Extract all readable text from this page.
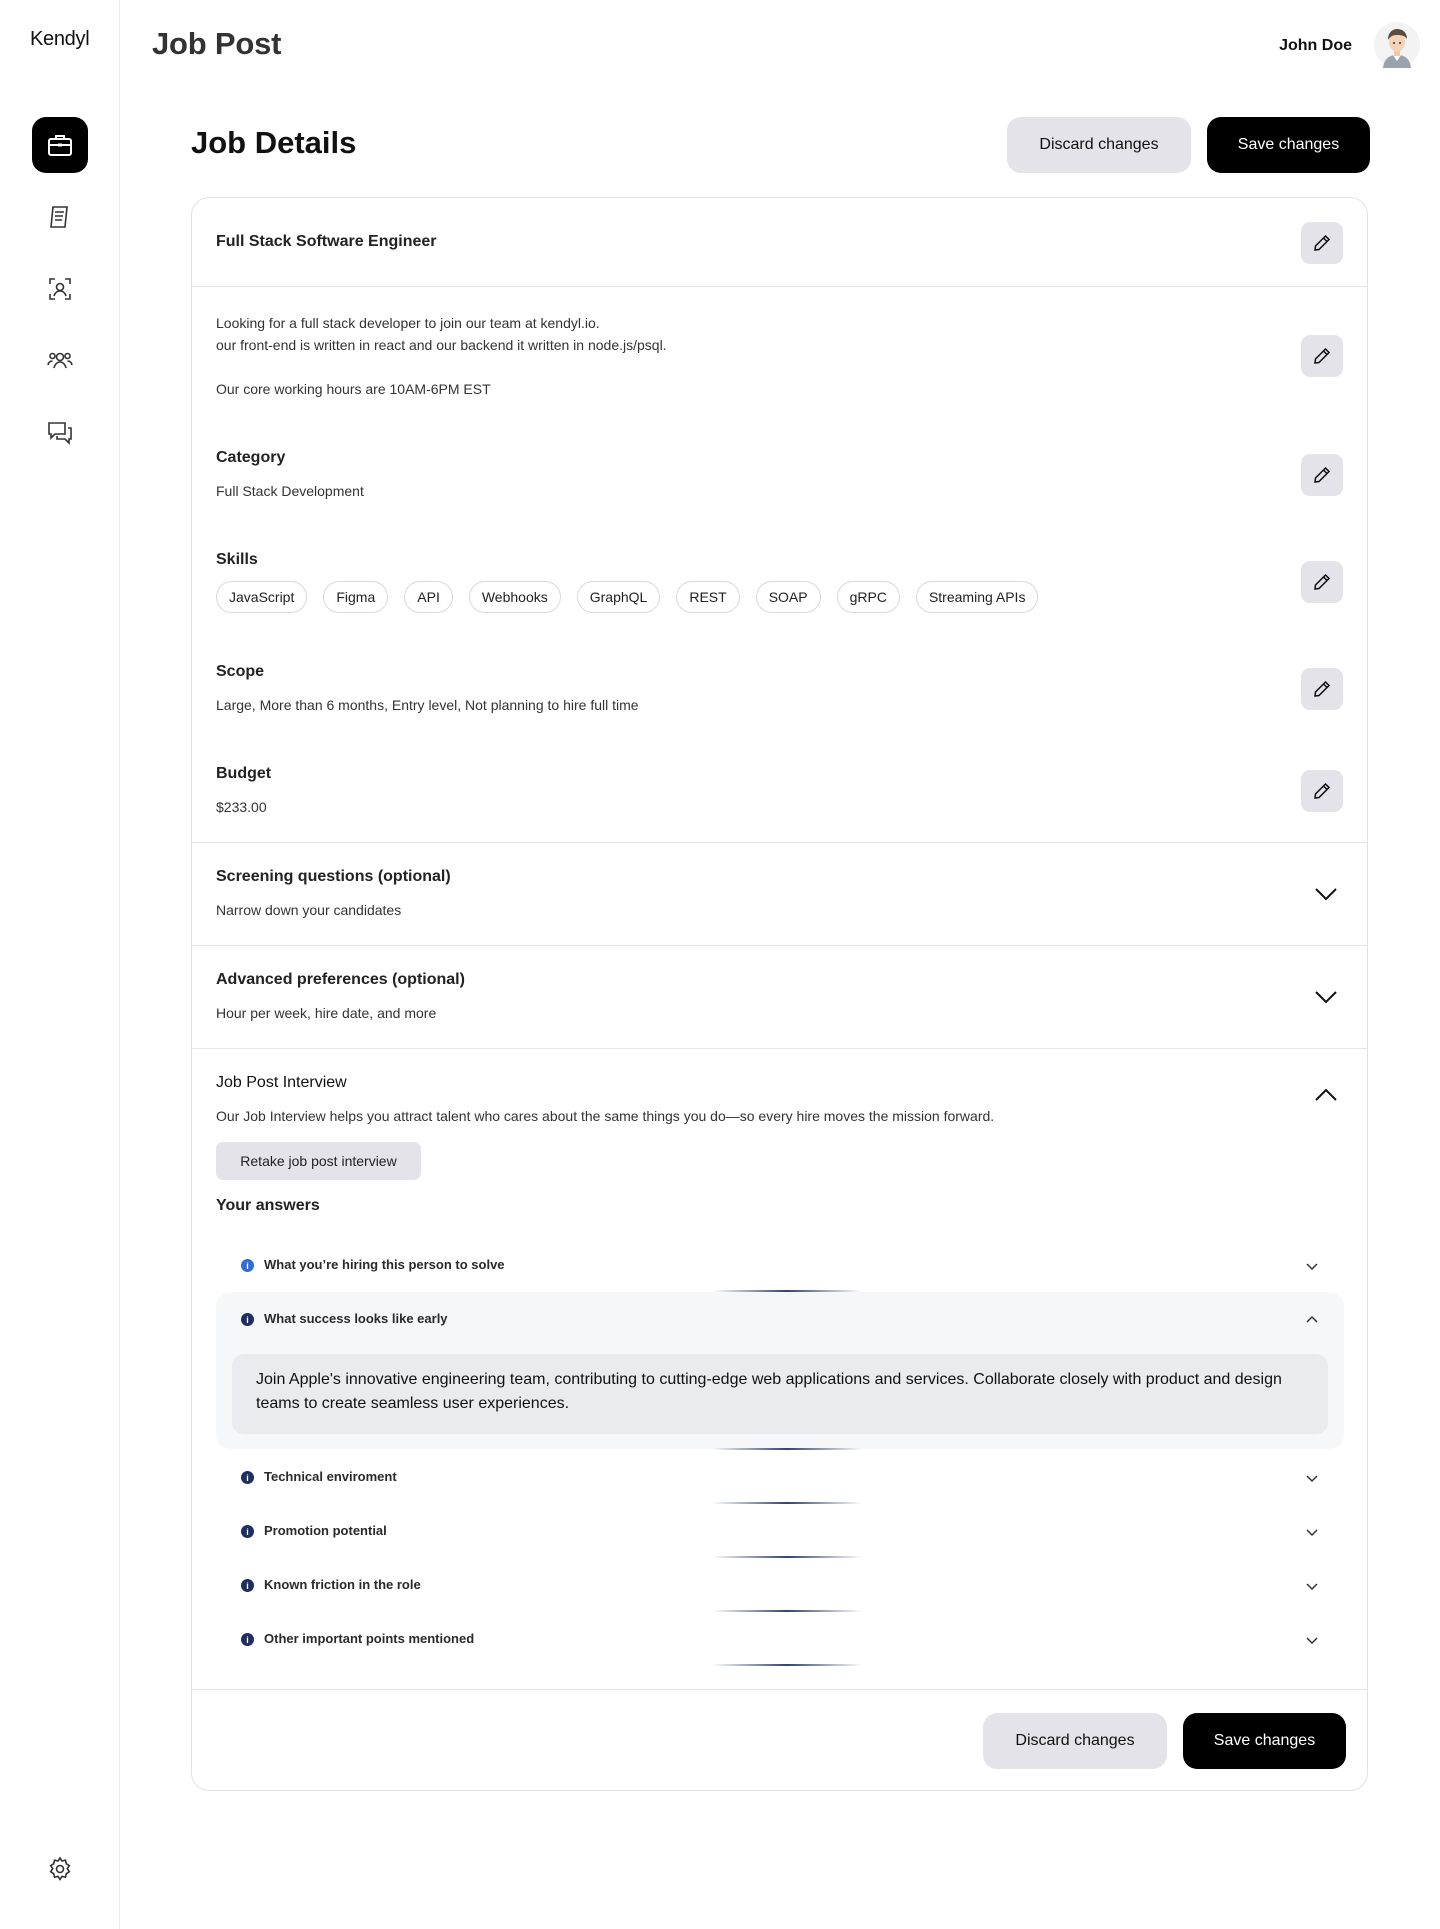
Kendyl Job Post	John Doe
Job Details	Discard changes	Save changes
Full Stack Software Engineer
Looking for a full stack developer to join our team at kendyl.io.
our front-end is written in react and our backend it written in node.js/psql.
Our core working hours are 10AM-6PM EST
Category
Full Stack Development
Skills
JavaScript	Figma	API	Webhooks	GraphQL	REST	SOAP	gRPC	Streaming APIs
Scope
Large, More than 6 months, Entry level, Not planning to hire full time
Budget
$233.00
Screening questions (optional)
Narrow down your candidates
Advanced preferences (optional)
Hour per week, hire date, and more
Job Post Interview
Our Job Interview helps you attract talent who cares about the same things you do—so every hire moves the mission forward.
Retake job post interview
Your answers
i	What you’re hiring this person to solve
i	What success looks like early
Join Apple's innovative engineering team, contributing to cutting-edge web applications and services. Collaborate closely with product and design teams to create seamless user experiences.
i	Technical enviroment
i	Promotion potential
i	Known friction in the role
i	Other important points mentioned
Discard changes	Save changes
